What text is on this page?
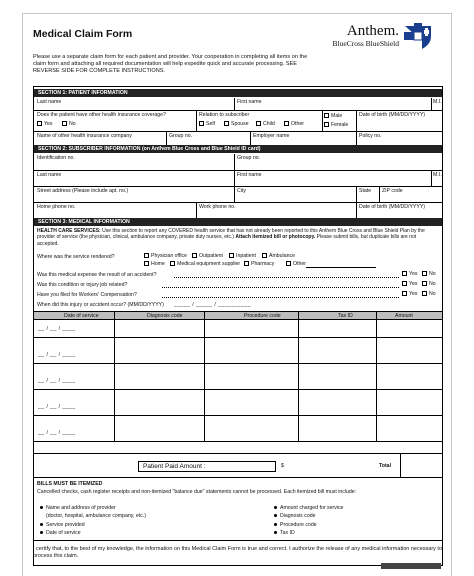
Medical Claim Form	Anthem.
BlueCross BlueShield
Please use a separate claim form for each patient and provider. Your cooperation in completing all items on the claim form and attaching all required documentation will help expedite quick and accurate processing. SEE REVERSE SIDE FOR COMPLETE INSTRUCTIONS.
SECTION 1: PATIENT INFORMATION
Last name	First name	M.I.
Does the patient have other health insurance coverage?
Yes	No
Relation to subscriber
Self	Spouse	Child	Other
Male
Female
Date of birth (MM/DD/YYYY)
Name of other health insurance company	Group no.	Employer name	Policy no.
SECTION 2: SUBSCRIBER INFORMATION (on Anthem Blue Cross and Blue Shield ID card)
Identification no.	Group no.
Last name	First name	M.I.
Street address (Please include apt. no.)	City	State ZIP code
Home phone no.	Work phone no.	Date of birth (MM/DD/YYYY)
SECTION 3: MEDICAL INFORMATION
HEALTH CARE SERVICES: Use this section to report any COVERED health service that has not already been reported to this Anthem Blue Cross and Blue Shield Plan by the provider of service (the physician, clinical, ambulance company, private duty nurses, etc.) Attach itemized bill or photocopy. Please submit bills, but duplicate bills are not accepted.
Where was the service rendered?	Physician office	Outpatient	Inpatient	Ambulance
Home	Medical equipment supplier	Pharmacy	Other
Was this medical expense the result of an accident?	Yes	No
Was this condition or injury job related?	Yes	No
Have you filed for Workers' Compensation?	Yes	No
When did this injury or accident occur? (MM/DD/YYYY) _____ / _____ / __________
Date of service	Diagnosis code	Procedure code	Tax ID	Amount
__ / __ / ____
__ / __ / ____
__ / __ / ____
__ / __ / ____
__ / __ / ____
Patient Paid Amount :	$	Total
BILLS MUST BE ITEMIZED
Cancelled checks, cash register receipts and non-itemized "balance due" statements cannot be processed. Each itemized bill must include:
Name and address of provider
(doctor, hospital, ambulance company, etc.)
Service provided
Date of service
Amount charged for service
Diagnosis code
Procedure code
Tax ID
I certify that, to the best of my knowledge, the information on this Medical Claim Form is true and correct. I authorize the release of any medical information necessary to process this claim.
